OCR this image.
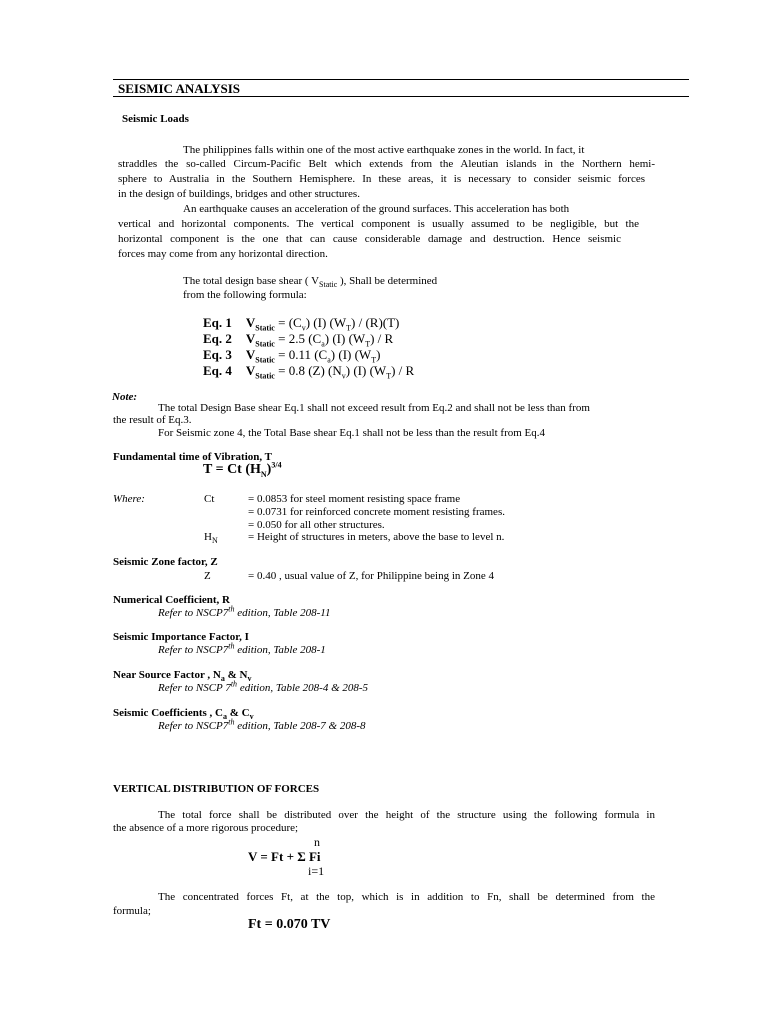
SEISMIC ANALYSIS
Seismic Loads
The philippines falls within one of the most active earthquake zones in the world. In fact, it
straddles the so-called Circum-Pacific Belt which extends from the Aleutian islands in the Northern hemi-
sphere to Australia in the Southern Hemisphere. In these areas, it is necessary to consider seismic forces
in the design of buildings, bridges and other structures.
An earthquake causes an acceleration of the ground surfaces. This acceleration has both
vertical and horizontal components. The vertical component is usually assumed to be negligible, but the
horizontal component is the one that can cause considerable damage and destruction. Hence seismic
forces may come from any horizontal direction.
The total design base shear ( $V_{Static}$ ), Shall be determined
from the following formula:
Eq. 1 $V_{Static} = (C_v)$ (I) $(W_T) / (R)(T)$
Eq. 2 $V_{Static} = 2.5$ $(C_a)$ (I) $(W_T)$ / R
Eq. 3 $V_{Static} = 0.11$ $(C_a)$ (I) $(W_T)$
Eq. 4 $V_{Static} = 0.8$ (Z) $(N_v)$ (I) $(W_T)$ / R
Note:
The total Design Base shear Eq.1 shall not exceed result from Eq.2 and shall not be less than from
the result of Eq.3.
For Seismic zone 4, the Total Base shear Eq.1 shall not be less than the result from Eq.4
Fundamental time of Vibration, T
T = Ct $(H_N)^{3/4}$
Where:	Ct	= 0.0853 for steel moment resisting space frame
= 0.0731 for reinforced concrete moment resisting frames.
= 0.050 for all other structures.
$H_N$	= Height of structures in meters, above the base to level n.
Seismic Zone factor, Z
Z	= 0.40 , usual value of Z, for Philippine being in Zone 4
Numerical Coefficient, R
Refer to NSCP7th edition, Table 208-11
Seismic Importance Factor, I
Refer to NSCP7th edition, Table 208-1
Near Source Factor , $N_a$ & $N_v$
Refer to NSCP 7th edition, Table 208-4 & 208-5
Seismic Coefficients , $C_a$ & $C_v$
Refer to NSCP7th edition, Table 208-7 & 208-8
VERTICAL DISTRIBUTION OF FORCES
The total force shall be distributed over the height of the structure using the following formula in
the absence of a more rigorous procedure;
n
V = Ft + Σ Fi
i=1
The concentrated forces Ft, at the top, which is in addition to Fn, shall be determined from the
formula;
Ft = 0.070 TV
